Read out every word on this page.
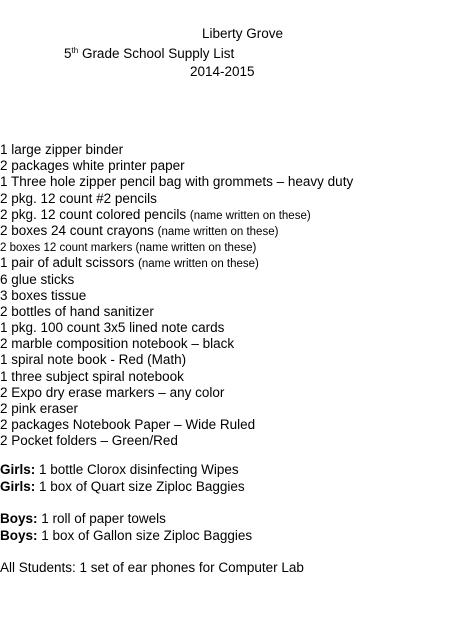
Liberty Grove
5th Grade School Supply List
2014-2015
1 large zipper binder
2 packages white printer paper
1 Three hole zipper pencil bag with grommets – heavy duty
2 pkg. 12 count #2 pencils
2 pkg. 12 count colored pencils (name written on these)
2 boxes 24 count crayons (name written on these)
2 boxes 12 count markers (name written on these)
1 pair of adult scissors (name written on these)
6 glue sticks
3 boxes tissue
2 bottles of hand sanitizer
1 pkg. 100 count 3x5 lined note cards
2 marble composition notebook – black
1 spiral note book - Red (Math)
1 three subject spiral notebook
2 Expo dry erase markers – any color
2 pink eraser
2 packages Notebook Paper – Wide Ruled
2 Pocket folders – Green/Red
Girls: 1 bottle Clorox disinfecting Wipes
Girls: 1 box of Quart size Ziploc Baggies
Boys: 1 roll of paper towels
Boys: 1 box of Gallon size Ziploc Baggies
All Students: 1 set of ear phones for Computer Lab
